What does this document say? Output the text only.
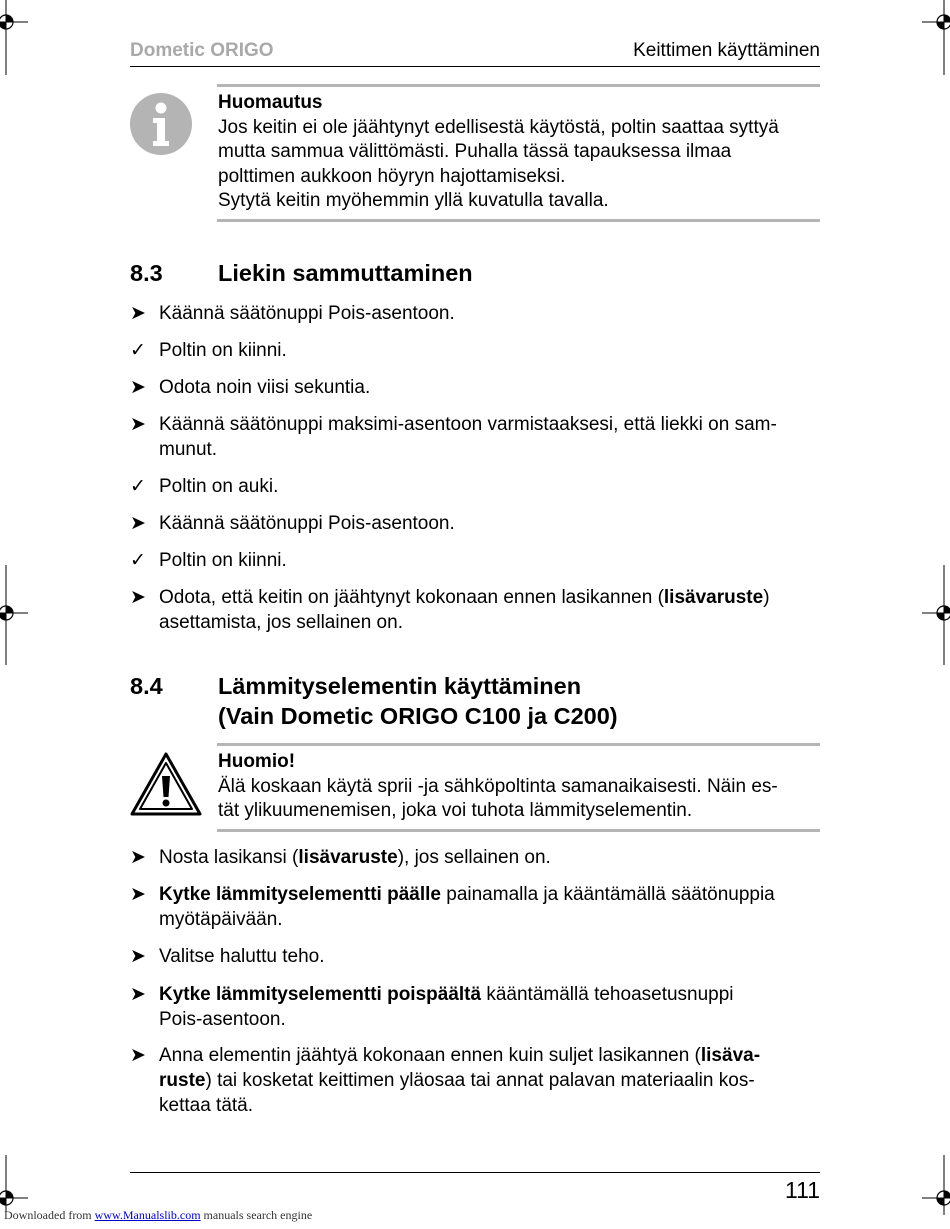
Dometic ORIGO	Keittimen käyttäminen
Huomautus
Jos keitin ei ole jäähtynyt edellisestä käytöstä, poltin saattaa syttyä
mutta sammua välittömästi. Puhalla tässä tapauksessa ilmaa
polttimen aukkoon höyryn hajottamiseksi.
Sytytä keitin myöhemmin yllä kuvatulla tavalla.
8.3 Liekin sammuttaminen
➤ Käännä säätönuppi Pois-asentoon.
✓ Poltin on kiinni.
➤ Odota noin viisi sekuntia.
➤ Käännä säätönuppi maksimi-asentoon varmistaaksesi, että liekki on sam-
munut.
✓ Poltin on auki.
➤ Käännä säätönuppi Pois-asentoon.
✓ Poltin on kiinni.
➤ Odota, että keitin on jäähtynyt kokonaan ennen lasikannen (lisävaruste)
asettamista, jos sellainen on.
8.4 Lämmityselementin käyttäminen
(Vain Dometic ORIGO C100 ja C200)
Huomio!
Älä koskaan käytä sprii -ja sähköpoltinta samanaikaisesti. Näin es-
tät ylikuumenemisen, joka voi tuhota lämmityselementin.
➤ Nosta lasikansi (lisävaruste), jos sellainen on.
➤ Kytke lämmityselementti päälle painamalla ja kääntämällä säätönuppia
myötäpäivään.
➤ Valitse haluttu teho.
➤ Kytke lämmityselementti poispäältä kääntämällä tehoasetusnuppi
Pois-asentoon.
➤ Anna elementin jäähtyä kokonaan ennen kuin suljet lasikannen (lisäva-
ruste) tai kosketat keittimen yläosaa tai annat palavan materiaalin kos-
kettaa tätä.
111
Downloaded from www.Manualslib.com manuals search engine
